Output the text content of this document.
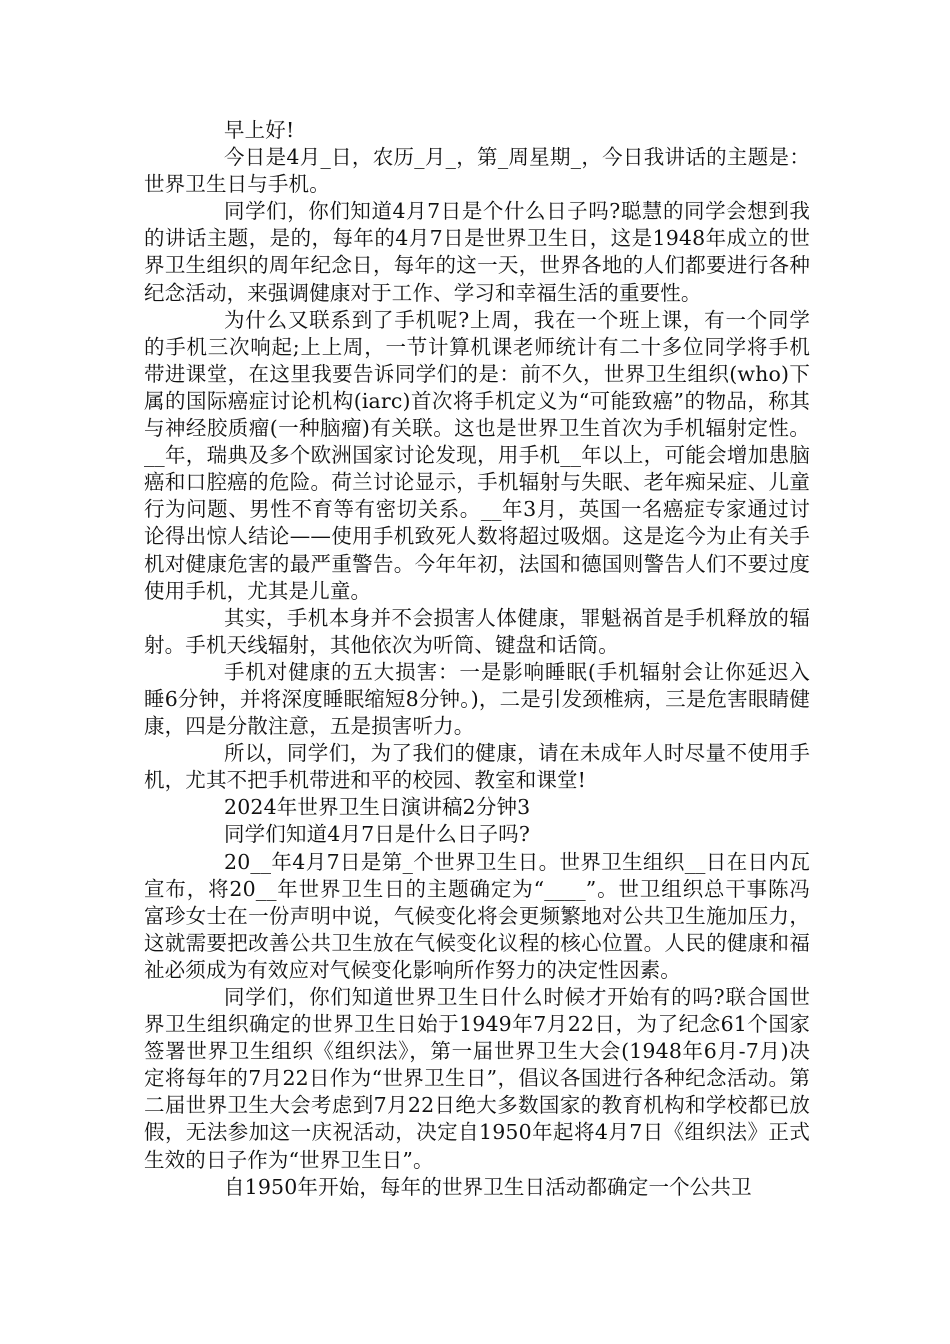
早上好!

今日是4月_日，农历_月_，第_周星期_，今日我讲话的主题是：世界卫生日与手机。

同学们，你们知道4月7日是个什么日子吗?聪慧的同学会想到我的讲话主题，是的，每年的4月7日是世界卫生日，这是1948年成立的世界卫生组织的周年纪念日，每年的这一天，世界各地的人们都要进行各种纪念活动，来强调健康对于工作、学习和幸福生活的重要性。

为什么又联系到了手机呢?上周，我在一个班上课，有一个同学的手机三次响起;上上周，一节计算机课老师统计有二十多位同学将手机带进课堂，在这里我要告诉同学们的是：前不久，世界卫生组织(who)下属的国际癌症讨论机构(iarc)首次将手机定义为“可能致癌”的物品，称其与神经胶质瘤(一种脑瘤)有关联。这也是世界卫生首次为手机辐射定性。__年，瑞典及多个欧洲国家讨论发现，用手机__年以上，可能会增加患脑癌和口腔癌的危险。荷兰讨论显示，手机辐射与失眠、老年痴呆症、儿童行为问题、男性不育等有密切关系。__年3月，英国一名癌症专家通过讨论得出惊人结论——使用手机致死人数将超过吸烟。这是迄今为止有关手机对健康危害的最严重警告。今年年初，法国和德国则警告人们不要过度使用手机，尤其是儿童。

其实，手机本身并不会损害人体健康，罪魁祸首是手机释放的辐射。手机天线辐射，其他依次为听筒、键盘和话筒。

手机对健康的五大损害：一是影响睡眠(手机辐射会让你延迟入睡6分钟，并将深度睡眠缩短8分钟。)，二是引发颈椎病，三是危害眼睛健康，四是分散注意，五是损害听力。

所以，同学们，为了我们的健康，请在未成年人时尽量不使用手机，尤其不把手机带进和平的校园、教室和课堂!

2024年世界卫生日演讲稿2分钟3

同学们知道4月7日是什么日子吗?

20__年4月7日是第_个世界卫生日。世界卫生组织__日在日内瓦宣布，将20__年世界卫生日的主题确定为“____”。世卫组织总干事陈冯富珍女士在一份声明中说，气候变化将会更频繁地对公共卫生施加压力，这就需要把改善公共卫生放在气候变化议程的核心位置。人民的健康和福祉必须成为有效应对气候变化影响所作努力的决定性因素。

同学们，你们知道世界卫生日什么时候才开始有的吗?联合国世界卫生组织确定的世界卫生日始于1949年7月22日，为了纪念61个国家签署世界卫生组织《组织法》，第一届世界卫生大会(1948年6月-7月)决定将每年的7月22日作为“世界卫生日”，倡议各国进行各种纪念活动。第二届世界卫生大会考虑到7月22日绝大多数国家的教育机构和学校都已放假，无法参加这一庆祝活动，决定自1950年起将4月7日《组织法》正式生效的日子作为“世界卫生日”。

自1950年开始，每年的世界卫生日活动都确定一个公共卫
